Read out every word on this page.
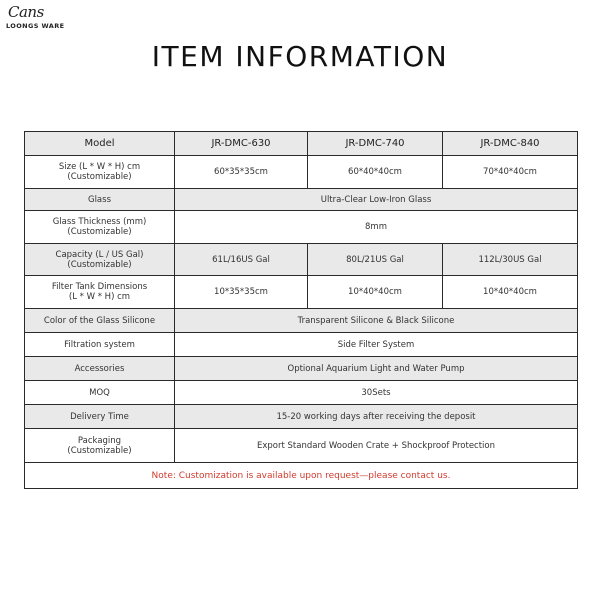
Cans
LOONGS WARE
ITEM INFORMATION
Model	JR-DMC-630	JR-DMC-740	JR-DMC-840
Size (L * W * H) cm
(Customizable)	60*35*35cm	60*40*40cm	70*40*40cm
Glass	Ultra-Clear Low-Iron Glass		
Glass Thickness (mm)
(Customizable)	8mm		
Capacity (L / US Gal)
(Customizable)	61L/16US Gal	80L/21US Gal	112L/30US Gal
Filter Tank Dimensions
(L * W * H) cm	10*35*35cm	10*40*40cm	10*40*40cm
Color of the Glass Silicone	Transparent Silicone & Black Silicone		
Filtration system	Side Filter System		
Accessories	Optional Aquarium Light and Water Pump		
MOQ	30Sets		
Delivery Time	15-20 working days after receiving the deposit		
Packaging
(Customizable)	Export Standard Wooden Crate + Shockproof Protection		
Note: Customization is available upon request—please contact us.			
